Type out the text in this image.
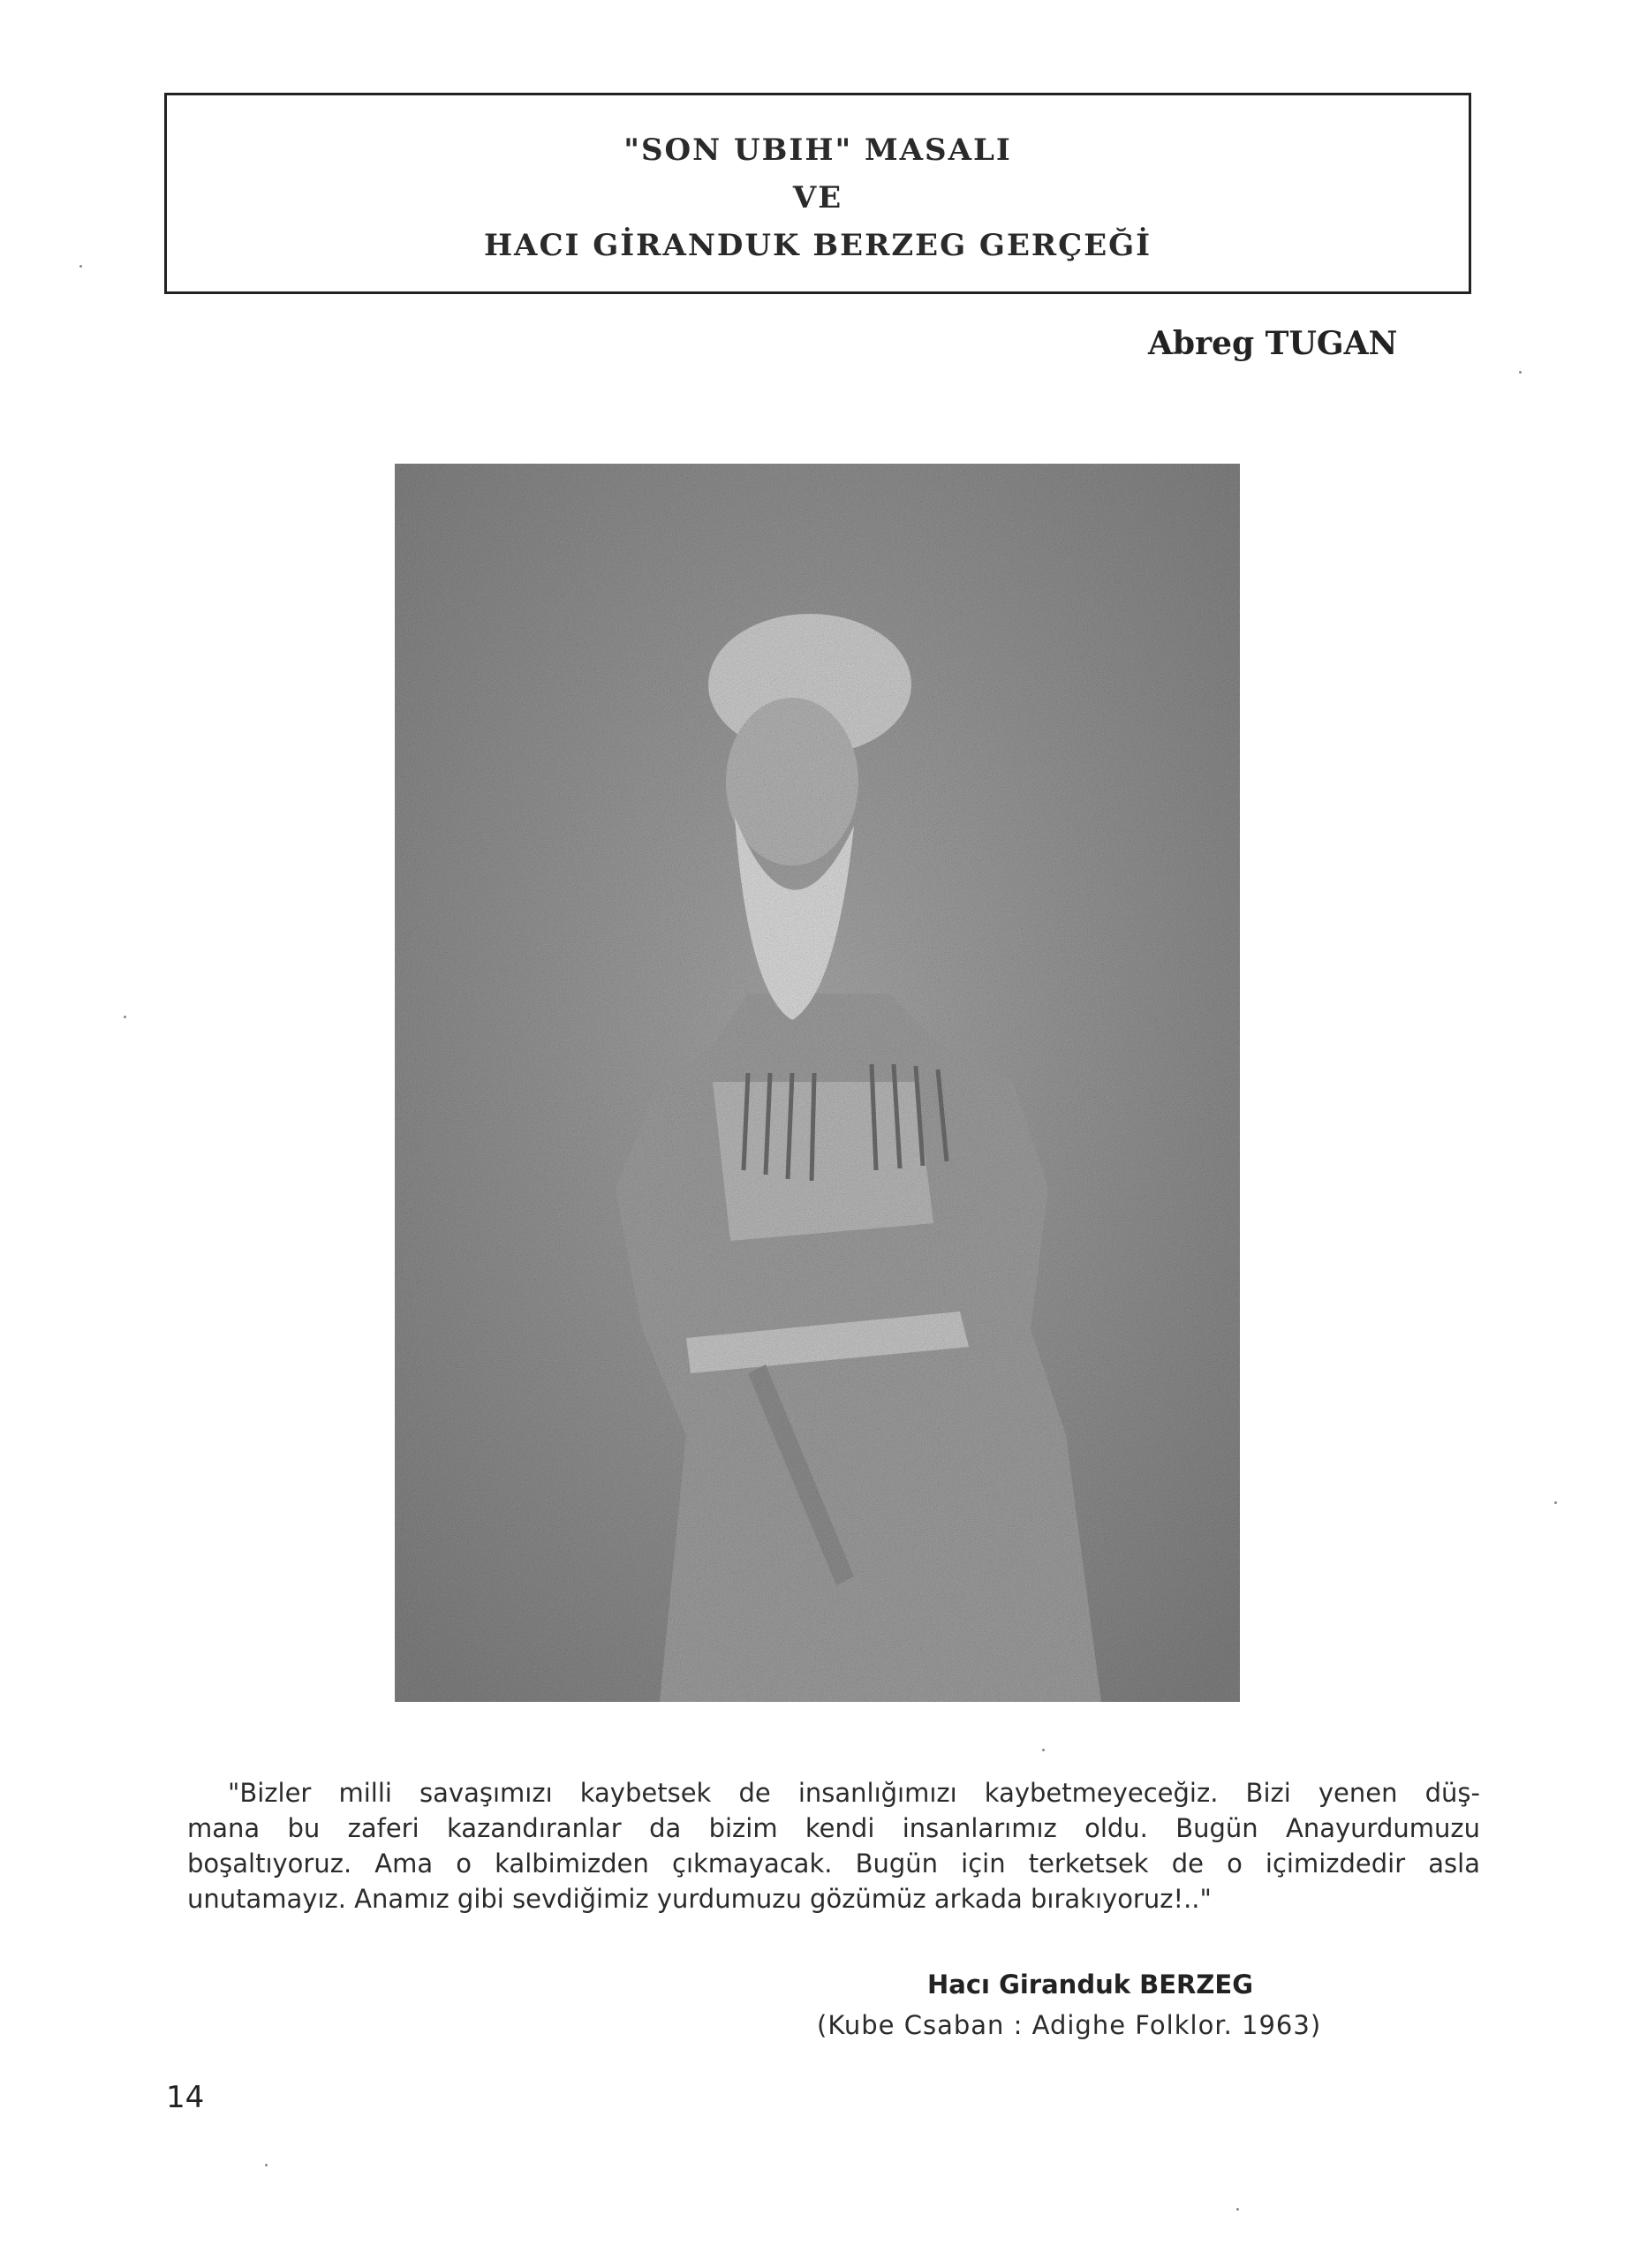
"SON UBIH" MASALI
VE
HACI GİRANDUK BERZEG GERÇEĞİ
Abreg TUGAN
"Bizler milli savaşımızı kaybetsek de insanlığımızı kaybetmeyeceğiz. Bizi yenen düş-
mana bu zaferi kazandıranlar da bizim kendi insanlarımız oldu. Bugün Anayurdumuzu
boşaltıyoruz. Ama o kalbimizden çıkmayacak. Bugün için terketsek de o içimizdedir asla
unutamayız. Anamız gibi sevdiğimiz yurdumuzu gözümüz arkada bırakıyoruz!.."
Hacı Giranduk BERZEG
(Kube Csaban : Adighe Folklor. 1963)
14
